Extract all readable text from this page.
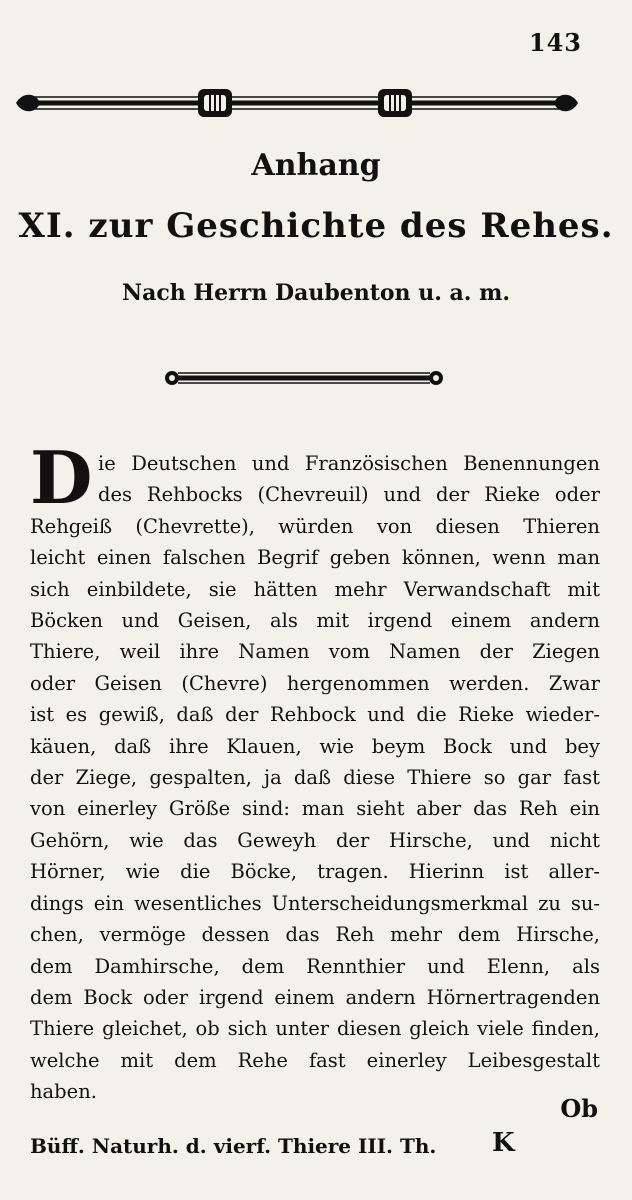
143
Anhang
XI. zur Geschichte des Rehes.
Nach Herrn Daubenton u. a. m.
D ie Deutschen und Französischen Benennungen
des Rehbocks (Chevreuil) und der Rieke oder
Rehgeiß (Chevrette), würden von diesen Thieren
leicht einen falschen Begrif geben können, wenn man
sich einbildete, sie hätten mehr Verwandschaft mit
Böcken und Geisen, als mit irgend einem andern
Thiere, weil ihre Namen vom Namen der Ziegen
oder Geisen (Chevre) hergenommen werden. Zwar
ist es gewiß, daß der Rehbock und die Rieke wieder-
käuen, daß ihre Klauen, wie beym Bock und bey
der Ziege, gespalten, ja daß diese Thiere so gar fast
von einerley Größe sind: man sieht aber das Reh ein
Gehörn, wie das Geweyh der Hirsche, und nicht
Hörner, wie die Böcke, tragen. Hierinn ist aller-
dings ein wesentliches Unterscheidungsmerkmal zu su-
chen, vermöge dessen das Reh mehr dem Hirsche,
dem Damhirsche, dem Rennthier und Elenn, als
dem Bock oder irgend einem andern Hörnertragenden
Thiere gleichet, ob sich unter diesen gleich viele finden,
welche mit dem Rehe fast einerley Leibesgestalt
haben.
Ob
Büff. Naturh. d. vierf. Thiere III. Th. K
